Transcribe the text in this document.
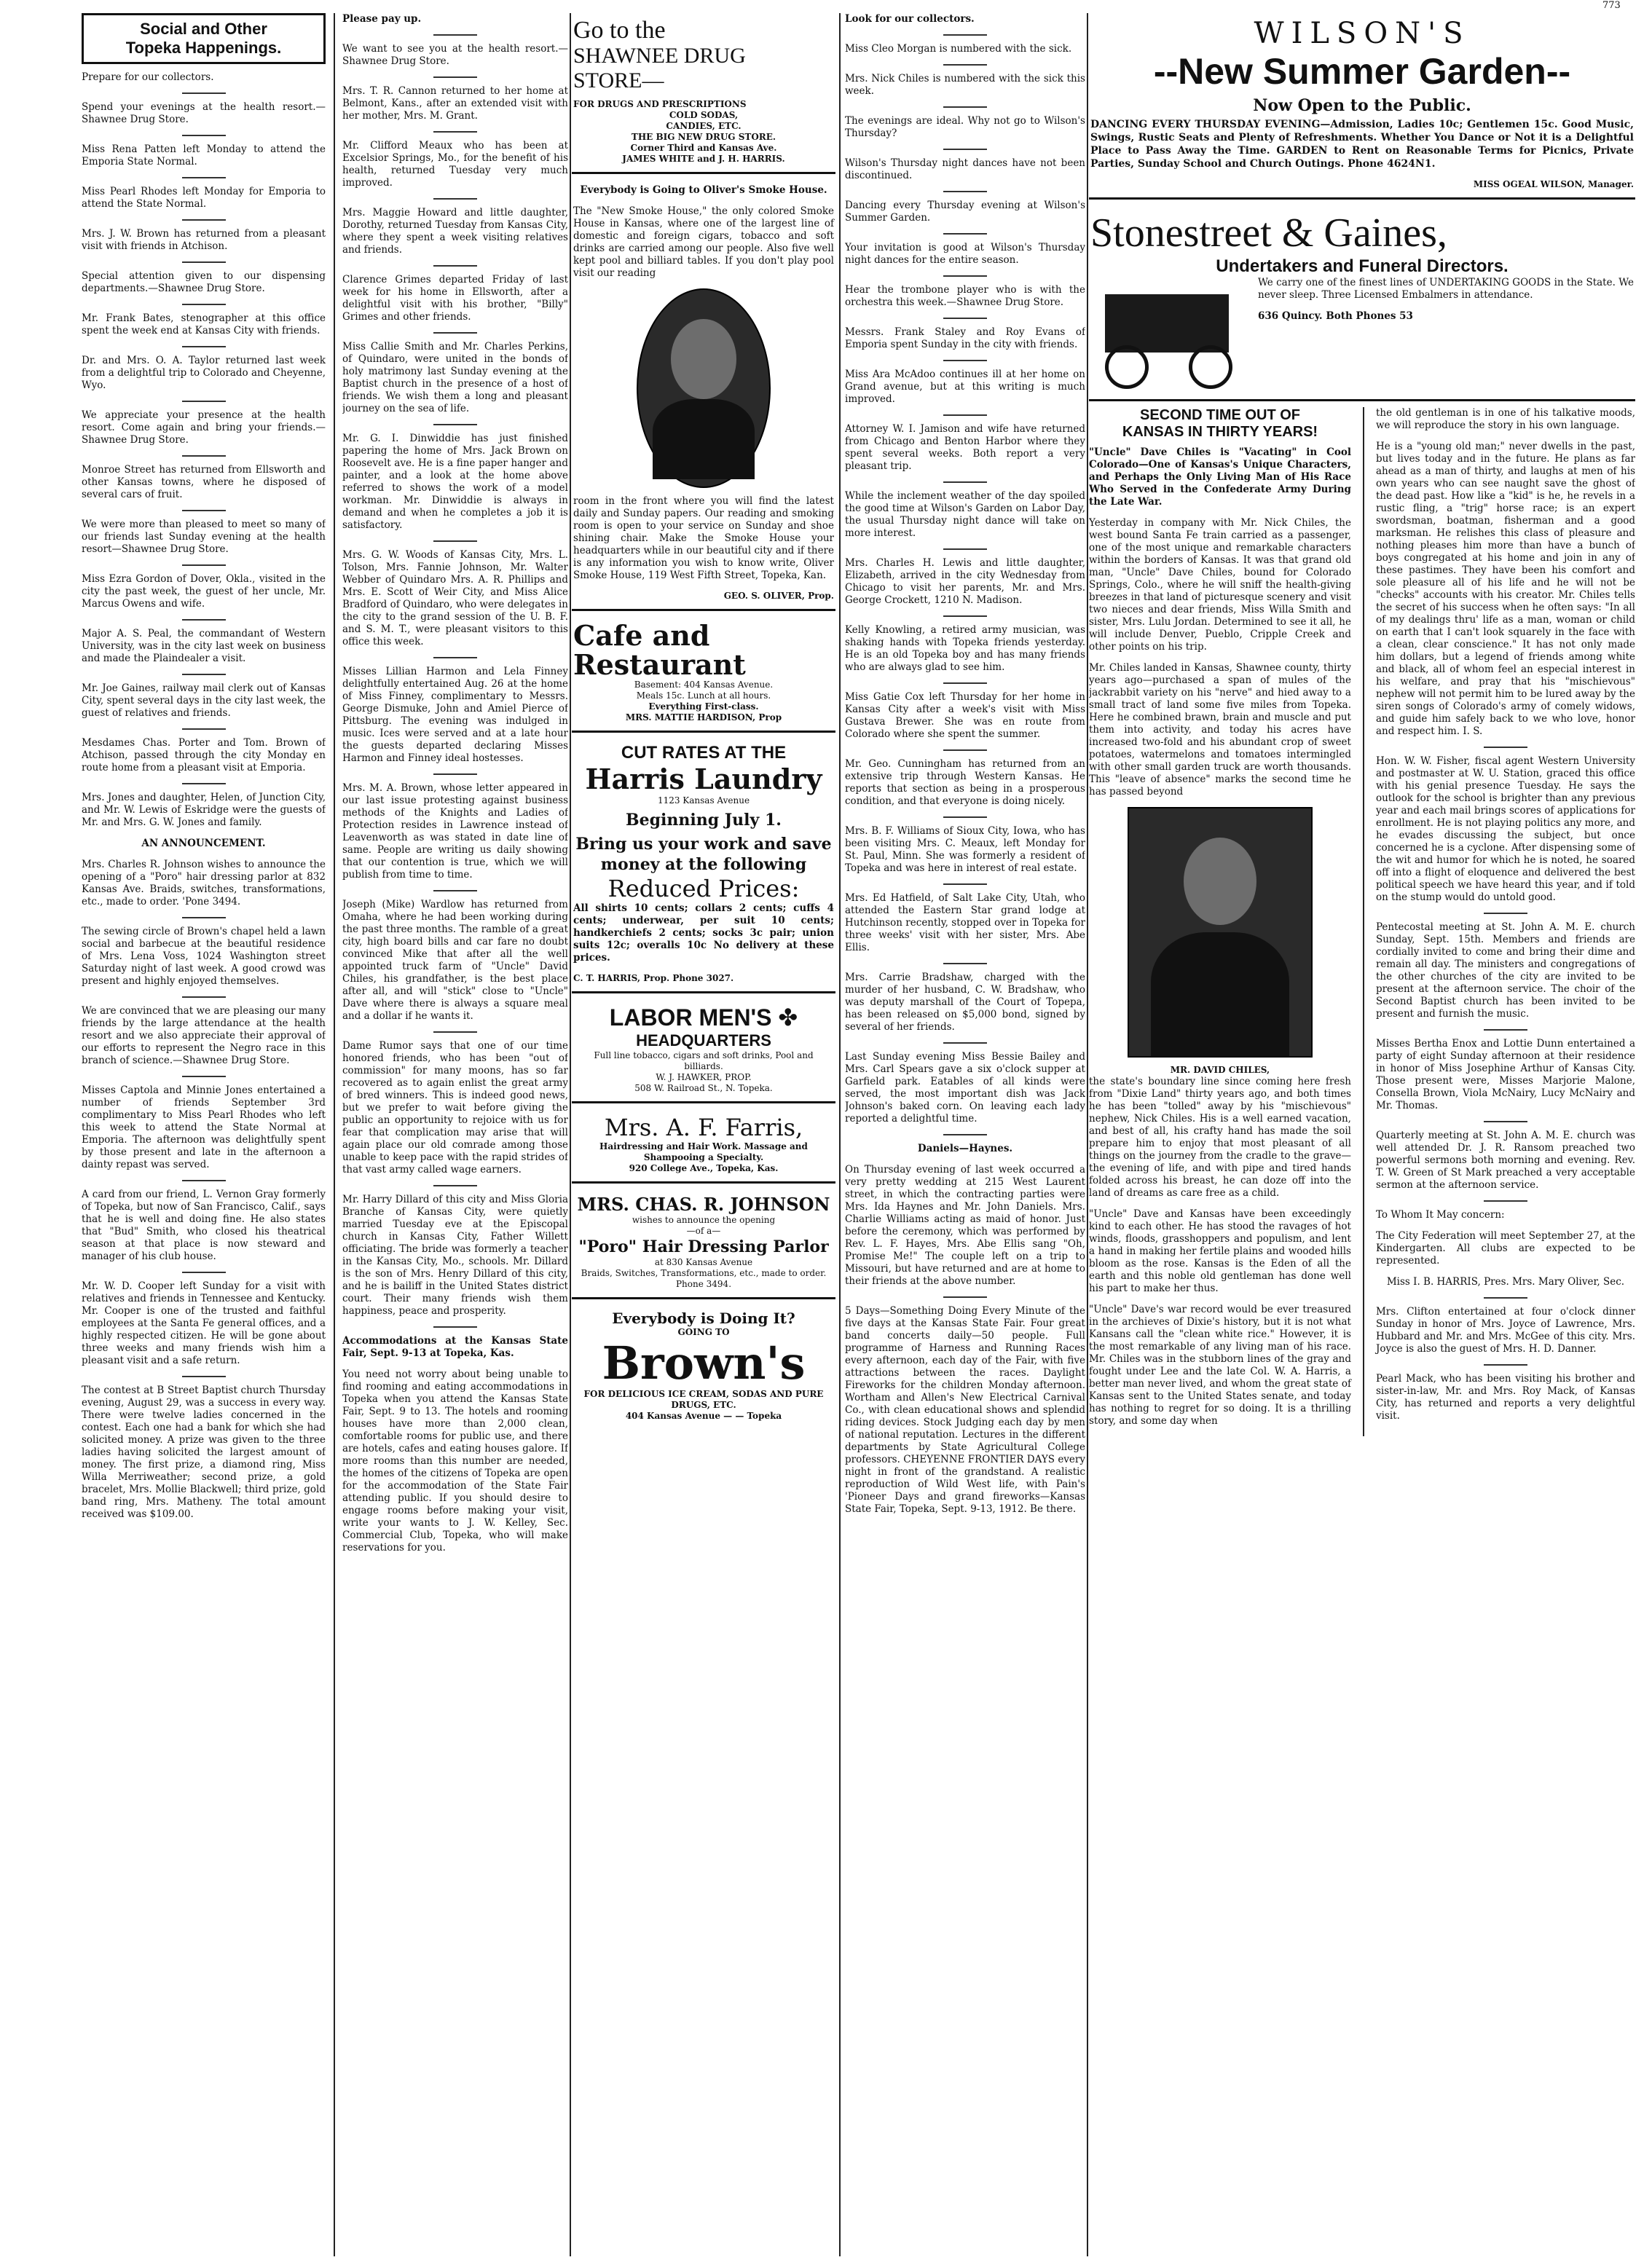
773
Social and Other
Topeka Happenings.

Prepare for our collectors.

Spend your evenings at the health resort.—Shawnee Drug Store.

Miss Rena Patten left Monday to attend the Emporia State Normal.

Miss Pearl Rhodes left Monday for Emporia to attend the State Normal.

Mrs. J. W. Brown has returned from a pleasant visit with friends in Atchison.

Special attention given to our dispensing departments.—Shawnee Drug Store.

Mr. Frank Bates, stenographer at this office spent the week end at Kansas City with friends.

Dr. and Mrs. O. A. Taylor returned last week from a delightful trip to Colorado and Cheyenne, Wyo.

We appreciate your presence at the health resort. Come again and bring your friends.—Shawnee Drug Store.

Monroe Street has returned from Ellsworth and other Kansas towns, where he disposed of several cars of fruit.

We were more than pleased to meet so many of our friends last Sunday evening at the health resort—Shawnee Drug Store.

Miss Ezra Gordon of Dover, Okla., visited in the city the past week, the guest of her uncle, Mr. Marcus Owens and wife.

Major A. S. Peal, the commandant of Western University, was in the city last week on business and made the Plaindealer a visit.

Mr. Joe Gaines, railway mail clerk out of Kansas City, spent several days in the city last week, the guest of relatives and friends.

Mesdames Chas. Porter and Tom. Brown of Atchison, passed through the city Monday en route home from a pleasant visit at Emporia.

Mrs. Jones and daughter, Helen, of Junction City, and Mr. W. Lewis of Eskridge were the guests of Mr. and Mrs. G. W. Jones and family.

AN ANNOUNCEMENT.

Mrs. Charles R. Johnson wishes to announce the opening of a "Poro" hair dressing parlor at 832 Kansas Ave. Braids, switches, transformations, etc., made to order. 'Pone 3494.

The sewing circle of Brown's chapel held a lawn social and barbecue at the beautiful residence of Mrs. Lena Voss, 1024 Washington street Saturday night of last week. A good crowd was present and highly enjoyed themselves.

We are convinced that we are pleasing our many friends by the large attendance at the health resort and we also appreciate their approval of our efforts to represent the Negro race in this branch of science.—Shawnee Drug Store.

Misses Captola and Minnie Jones entertained a number of friends September 3rd complimentary to Miss Pearl Rhodes who left this week to attend the State Normal at Emporia. The afternoon was delightfully spent by those present and late in the afternoon a dainty repast was served.

A card from our friend, L. Vernon Gray formerly of Topeka, but now of San Francisco, Calif., says that he is well and doing fine. He also states that "Bud" Smith, who closed his theatrical season at that place is now steward and manager of his club house.

Mr. W. D. Cooper left Sunday for a visit with relatives and friends in Tennessee and Kentucky. Mr. Cooper is one of the trusted and faithful employees at the Santa Fe general offices, and a highly respected citizen. He will be gone about three weeks and many friends wish him a pleasant visit and a safe return.

The contest at B Street Baptist church Thursday evening, August 29, was a success in every way. There were twelve ladies concerned in the contest. Each one had a bank for which she had solicited money. A prize was given to the three ladies having solicited the largest amount of money. The first prize, a diamond ring, Miss Willa Merriweather; second prize, a gold bracelet, Mrs. Mollie Blackwell; third prize, gold band ring, Mrs. Matheny. The total amount received was $109.00.

Please pay up.

We want to see you at the health resort.—Shawnee Drug Store.

Mrs. T. R. Cannon returned to her home at Belmont, Kans., after an extended visit with her mother, Mrs. M. Grant.

Mr. Clifford Meaux who has been at Excelsior Springs, Mo., for the benefit of his health, returned Tuesday very much improved.

Mrs. Maggie Howard and little daughter, Dorothy, returned Tuesday from Kansas City, where they spent a week visiting relatives and friends.

Clarence Grimes departed Friday of last week for his home in Ellsworth, after a delightful visit with his brother, "Billy" Grimes and other friends.

Miss Callie Smith and Mr. Charles Perkins, of Quindaro, were united in the bonds of holy matrimony last Sunday evening at the Baptist church in the presence of a host of friends. We wish them a long and pleasant journey on the sea of life.

Mr. G. I. Dinwiddie has just finished papering the home of Mrs. Jack Brown on Roosevelt ave. He is a fine paper hanger and painter, and a look at the home above referred to shows the work of a model workman. Mr. Dinwiddie is always in demand and when he completes a job it is satisfactory.

Mrs. G. W. Woods of Kansas City, Mrs. L. Tolson, Mrs. Fannie Johnson, Mr. Walter Webber of Quindaro Mrs. A. R. Phillips and Mrs. E. Scott of Weir City, and Miss Alice Bradford of Quindaro, who were delegates in the city to the grand session of the U. B. F. and S. M. T., were pleasant visitors to this office this week.

Misses Lillian Harmon and Lela Finney delightfully entertained Aug. 26 at the home of Miss Finney, complimentary to Messrs. George Dismuke, John and Amiel Pierce of Pittsburg. The evening was indulged in music. Ices were served and at a late hour the guests departed declaring Misses Harmon and Finney ideal hostesses.

Mrs. M. A. Brown, whose letter appeared in our last issue protesting against business methods of the Knights and Ladies of Protection resides in Lawrence instead of Leavenworth as was stated in date line of same. People are writing us daily showing that our contention is true, which we will publish from time to time.

Joseph (Mike) Wardlow has returned from Omaha, where he had been working during the past three months. The ramble of a great city, high board bills and car fare no doubt convinced Mike that after all the well appointed truck farm of "Uncle" David Chiles, his grandfather, is the best place after all, and will "stick" close to "Uncle" Dave where there is always a square meal and a dollar if he wants it.

Dame Rumor says that one of our time honored friends, who has been "out of commission" for many moons, has so far recovered as to again enlist the great army of bred winners. This is indeed good news, but we prefer to wait before giving the public an opportunity to rejoice with us for fear that complication may arise that will again place our old comrade among those unable to keep pace with the rapid strides of that vast army called wage earners.

Mr. Harry Dillard of this city and Miss Gloria Branche of Kansas City, were quietly married Tuesday eve at the Episcopal church in Kansas City, Father Willett officiating. The bride was formerly a teacher in the Kansas City, Mo., schools. Mr. Dillard is the son of Mrs. Henry Dillard of this city, and he is bailiff in the United States district court. Their many friends wish them happiness, peace and prosperity.

Accommodations at the Kansas State Fair, Sept. 9-13 at Topeka, Kas.

You need not worry about being unable to find rooming and eating accommodations in Topeka when you attend the Kansas State Fair, Sept. 9 to 13. The hotels and rooming houses have more than 2,000 clean, comfortable rooms for public use, and there are hotels, cafes and eating houses galore. If more rooms than this number are needed, the homes of the citizens of Topeka are open for the accommodation of the State Fair attending public. If you should desire to engage rooms before making your visit, write your wants to J. W. Kelley, Sec. Commercial Club, Topeka, who will make reservations for you.

Go to the
SHAWNEE DRUG
STORE—
FOR DRUGS AND PRESCRIPTIONS
COLD SODAS,
CANDIES, ETC.
THE BIG NEW DRUG STORE.
Corner Third and Kansas Ave.
JAMES WHITE and J. H. HARRIS.

Everybody is Going to Oliver's Smoke House.

The "New Smoke House," the only colored Smoke House in Kansas, where one of the largest line of domestic and foreign cigars, tobacco and soft drinks are carried among our people. Also five well kept pool and billiard tables. If you don't play pool visit our reading

room in the front where you will find the latest daily and Sunday papers. Our reading and smoking room is open to your service on Sunday and shoe shining chair. Make the Smoke House your headquarters while in our beautiful city and if there is any information you wish to know write, Oliver Smoke House, 119 West Fifth Street, Topeka, Kan.

GEO. S. OLIVER, Prop.
Cafe and
Restaurant
Basement: 404 Kansas Avenue.
Meals 15c. Lunch at all hours.
Everything First-class.
MRS. MATTIE HARDISON, Prop
CUT RATES AT THE
Harris Laundry
1123 Kansas Avenue
Beginning July 1.
Bring us your work and save money at the following
Reduced Prices:

All shirts 10 cents; collars 2 cents; cuffs 4 cents; underwear, per suit 10 cents; handkerchiefs 2 cents; socks 3c pair; union suits 12c; overalls 10c No delivery at these prices.

C. T. HARRIS, Prop. Phone 3027.
LABOR MEN'S ✤
HEADQUARTERS
Full line tobacco, cigars and soft drinks, Pool and billiards.
W. J. HAWKER, PROP.
508 W. Railroad St., N. Topeka.
Mrs. A. F. Farris,
Hairdressing and Hair Work. Massage and Shampooing a Specialty.
920 College Ave., Topeka, Kas.
MRS. CHAS. R. JOHNSON
wishes to announce the opening
—of a—
"Poro" Hair Dressing Parlor
at 830 Kansas Avenue
Braids, Switches, Transformations, etc., made to order.
Phone 3494.
Everybody is Doing It?
GOING TO
Brown's
FOR DELICIOUS ICE CREAM, SODAS AND PURE DRUGS, ETC.
404 Kansas Avenue — — Topeka

Look for our collectors.

Miss Cleo Morgan is numbered with the sick.

Mrs. Nick Chiles is numbered with the sick this week.

The evenings are ideal. Why not go to Wilson's Thursday?

Wilson's Thursday night dances have not been discontinued.

Dancing every Thursday evening at Wilson's Summer Garden.

Your invitation is good at Wilson's Thursday night dances for the entire season.

Hear the trombone player who is with the orchestra this week.—Shawnee Drug Store.

Messrs. Frank Staley and Roy Evans of Emporia spent Sunday in the city with friends.

Miss Ara McAdoo continues ill at her home on Grand avenue, but at this writing is much improved.

Attorney W. I. Jamison and wife have returned from Chicago and Benton Harbor where they spent several weeks. Both report a very pleasant trip.

While the inclement weather of the day spoiled the good time at Wilson's Garden on Labor Day, the usual Thursday night dance will take on more interest.

Mrs. Charles H. Lewis and little daughter, Elizabeth, arrived in the city Wednesday from Chicago to visit her parents, Mr. and Mrs. George Crockett, 1210 N. Madison.

Kelly Knowling, a retired army musician, was shaking hands with Topeka friends yesterday. He is an old Topeka boy and has many friends who are always glad to see him.

Miss Gatie Cox left Thursday for her home in Kansas City after a week's visit with Miss Gustava Brewer. She was en route from Colorado where she spent the summer.

Mr. Geo. Cunningham has returned from an extensive trip through Western Kansas. He reports that section as being in a prosperous condition, and that everyone is doing nicely.

Mrs. B. F. Williams of Sioux City, Iowa, who has been visiting Mrs. C. Meaux, left Monday for St. Paul, Minn. She was formerly a resident of Topeka and was here in interest of real estate.

Mrs. Ed Hatfield, of Salt Lake City, Utah, who attended the Eastern Star grand lodge at Hutchinson recently, stopped over in Topeka for three weeks' visit with her sister, Mrs. Abe Ellis.

Mrs. Carrie Bradshaw, charged with the murder of her husband, C. W. Bradshaw, who was deputy marshall of the Court of Topepa, has been released on $5,000 bond, signed by several of her friends.

Last Sunday evening Miss Bessie Bailey and Mrs. Carl Spears gave a six o'clock supper at Garfield park. Eatables of all kinds were served, the most important dish was Jack Johnson's baked corn. On leaving each lady reported a delightful time.

Daniels—Haynes.

On Thursday evening of last week occurred a very pretty wedding at 215 West Laurent street, in which the contracting parties were Mrs. Ida Haynes and Mr. John Daniels. Mrs. Charlie Williams acting as maid of honor. Just before the ceremony, which was performed by Rev. L. F. Hayes, Mrs. Abe Ellis sang "Oh, Promise Me!" The couple left on a trip to Missouri, but have returned and are at home to their friends at the above number.

5 Days—Something Doing Every Minute of the five days at the Kansas State Fair. Four great band concerts daily—50 people. Full programme of Harness and Running Races every afternoon, each day of the Fair, with five attractions between the races. Daylight Fireworks for the children Monday afternoon. Wortham and Allen's New Electrical Carnival Co., with clean educational shows and splendid riding devices. Stock Judging each day by men of national reputation. Lectures in the different departments by State Agricultural College professors. CHEYENNE FRONTIER DAYS every night in front of the grandstand. A realistic reproduction of Wild West life, with Pain's 'Pioneer Days and grand fireworks—Kansas State Fair, Topeka, Sept. 9-13, 1912. Be there.

WILSON'S
--New Summer Garden--
Now Open to the Public.

DANCING EVERY THURSDAY EVENING—Admission, Ladies 10c; Gentlemen 15c. Good Music, Swings, Rustic Seats and Plenty of Refreshments. Whether You Dance or Not it is a Delightful Place to Pass Away the Time. GARDEN to Rent on Reasonable Terms for Picnics, Private Parties, Sunday School and Church Outings. Phone 4624N1.

MISS OGEAL WILSON, Manager.
Stonestreet & Gaines,
Undertakers and Funeral Directors.

We carry one of the finest lines of UNDERTAKING GOODS in the State. We never sleep. Three Licensed Embalmers in attendance.

636 Quincy. Both Phones 53

SECOND TIME OUT OF
KANSAS IN THIRTY YEARS!

"Uncle" Dave Chiles is "Vacating" in Cool Colorado—One of Kansas's Unique Characters, and Perhaps the Only Living Man of His Race Who Served in the Confederate Army During the Late War.

Yesterday in company with Mr. Nick Chiles, the west bound Santa Fe train carried as a passenger, one of the most unique and remarkable characters within the borders of Kansas. It was that grand old man, "Uncle" Dave Chiles, bound for Colorado Springs, Colo., where he will sniff the health-giving breezes in that land of picturesque scenery and visit two nieces and dear friends, Miss Willa Smith and sister, Mrs. Lulu Jordan. Determined to see it all, he will include Denver, Pueblo, Cripple Creek and other points on his trip.

Mr. Chiles landed in Kansas, Shawnee county, thirty years ago—purchased a span of mules of the jackrabbit variety on his "nerve" and hied away to a small tract of land some five miles from Topeka. Here he combined brawn, brain and muscle and put them into activity, and today his acres have increased two-fold and his abundant crop of sweet potatoes, watermelons and tomatoes intermingled with other small garden truck are worth thousands. This "leave of absence" marks the second time he has passed beyond

MR. DAVID CHILES,

the state's boundary line since coming here fresh from "Dixie Land" thirty years ago, and both times he has been "tolled" away by his "mischievous" nephew, Nick Chiles. His is a well earned vacation, and best of all, his crafty hand has made the soil prepare him to enjoy that most pleasant of all things on the journey from the cradle to the grave—the evening of life, and with pipe and tired hands folded across his breast, he can doze off into the land of dreams as care free as a child.

"Uncle" Dave and Kansas have been exceedingly kind to each other. He has stood the ravages of hot winds, floods, grasshoppers and populism, and lent a hand in making her fertile plains and wooded hills bloom as the rose. Kansas is the Eden of all the earth and this noble old gentleman has done well his part to make her thus.

"Uncle" Dave's war record would be ever treasured in the archieves of Dixie's history, but it is not what Kansans call the "clean white rice." However, it is the most remarkable of any living man of his race. Mr. Chiles was in the stubborn lines of the gray and fought under Lee and the late Col. W. A. Harris, a better man never lived, and whom the great state of Kansas sent to the United States senate, and today has nothing to regret for so doing. It is a thrilling story, and some day when

the old gentleman is in one of his talkative moods, we will reproduce the story in his own language.

He is a "young old man;" never dwells in the past, but lives today and in the future. He plans as far ahead as a man of thirty, and laughs at men of his own years who can see naught save the ghost of the dead past. How like a "kid" is he, he revels in a rustic fling, a "trig" horse race; is an expert swordsman, boatman, fisherman and a good marksman. He relishes this class of pleasure and nothing pleases him more than have a bunch of boys congregated at his home and join in any of these pastimes. They have been his comfort and sole pleasure all of his life and he will not be "checks" accounts with his creator. Mr. Chiles tells the secret of his success when he often says: "In all of my dealings thru' life as a man, woman or child on earth that I can't look squarely in the face with a clean, clear conscience." It has not only made him dollars, but a legend of friends among white and black, all of whom feel an especial interest in his welfare, and pray that his "mischievous" nephew will not permit him to be lured away by the siren songs of Colorado's army of comely widows, and guide him safely back to we who love, honor and respect him. I. S.

Hon. W. W. Fisher, fiscal agent Western University and postmaster at W. U. Station, graced this office with his genial presence Tuesday. He says the outlook for the school is brighter than any previous year and each mail brings scores of applications for enrollment. He is not playing politics any more, and he evades discussing the subject, but once concerned he is a cyclone. After dispensing some of the wit and humor for which he is noted, he soared off into a flight of eloquence and delivered the best political speech we have heard this year, and if told on the stump would do untold good.

Pentecostal meeting at St. John A. M. E. church Sunday, Sept. 15th. Members and friends are cordially invited to come and bring their dime and remain all day. The ministers and congregations of the other churches of the city are invited to be present at the afternoon service. The choir of the Second Baptist church has been invited to be present and furnish the music.

Misses Bertha Enox and Lottie Dunn entertained a party of eight Sunday afternoon at their residence in honor of Miss Josephine Arthur of Kansas City. Those present were, Misses Marjorie Malone, Consella Brown, Viola McNairy, Lucy McNairy and Mr. Thomas.

Quarterly meeting at St. John A. M. E. church was well attended Dr. J. R. Ransom preached two powerful sermons both morning and evening. Rev. T. W. Green of St Mark preached a very acceptable sermon at the afternoon service.

To Whom It May concern:

The City Federation will meet September 27, at the Kindergarten. All clubs are expected to be represented.

Miss I. B. HARRIS, Pres. Mrs. Mary Oliver, Sec.

Mrs. Clifton entertained at four o'clock dinner Sunday in honor of Mrs. Joyce of Lawrence, Mrs. Hubbard and Mr. and Mrs. McGee of this city. Mrs. Joyce is also the guest of Mrs. H. D. Danner.

Pearl Mack, who has been visiting his brother and sister-in-law, Mr. and Mrs. Roy Mack, of Kansas City, has returned and reports a very delightful visit.
